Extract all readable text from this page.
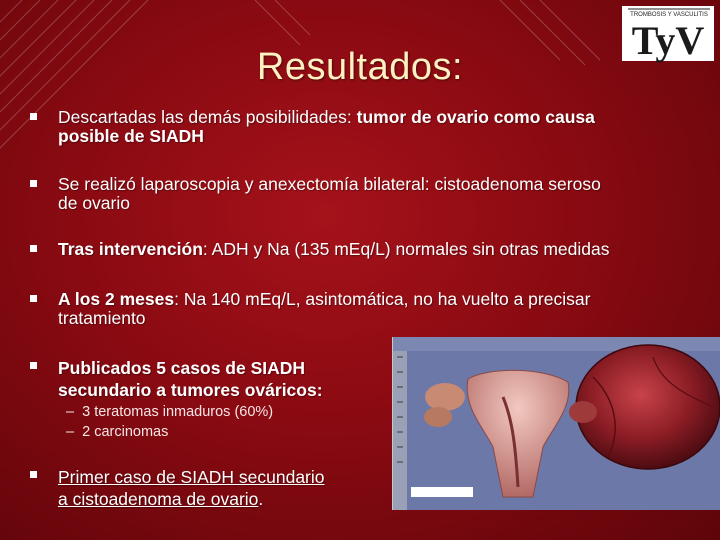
TROMBOSIS Y VASCULITIS
TyV
Resultados:
Descartadas las demás posibilidades: tumor de ovario como causa
posible de SIADH
Se realizó laparoscopia y anexectomía bilateral: cistoadenoma seroso
de ovario
Tras intervención: ADH y Na (135 mEq/L) normales sin otras medidas
A los 2 meses: Na 140 mEq/L, asintomática, no ha vuelto a precisar
tratamiento
Publicados 5 casos de SIADH
secundario a tumores ováricos:
–  3 teratomas inmaduros (60%)
–  2 carcinomas
Primer caso de SIADH secundario
a cistoadenoma de ovario.
